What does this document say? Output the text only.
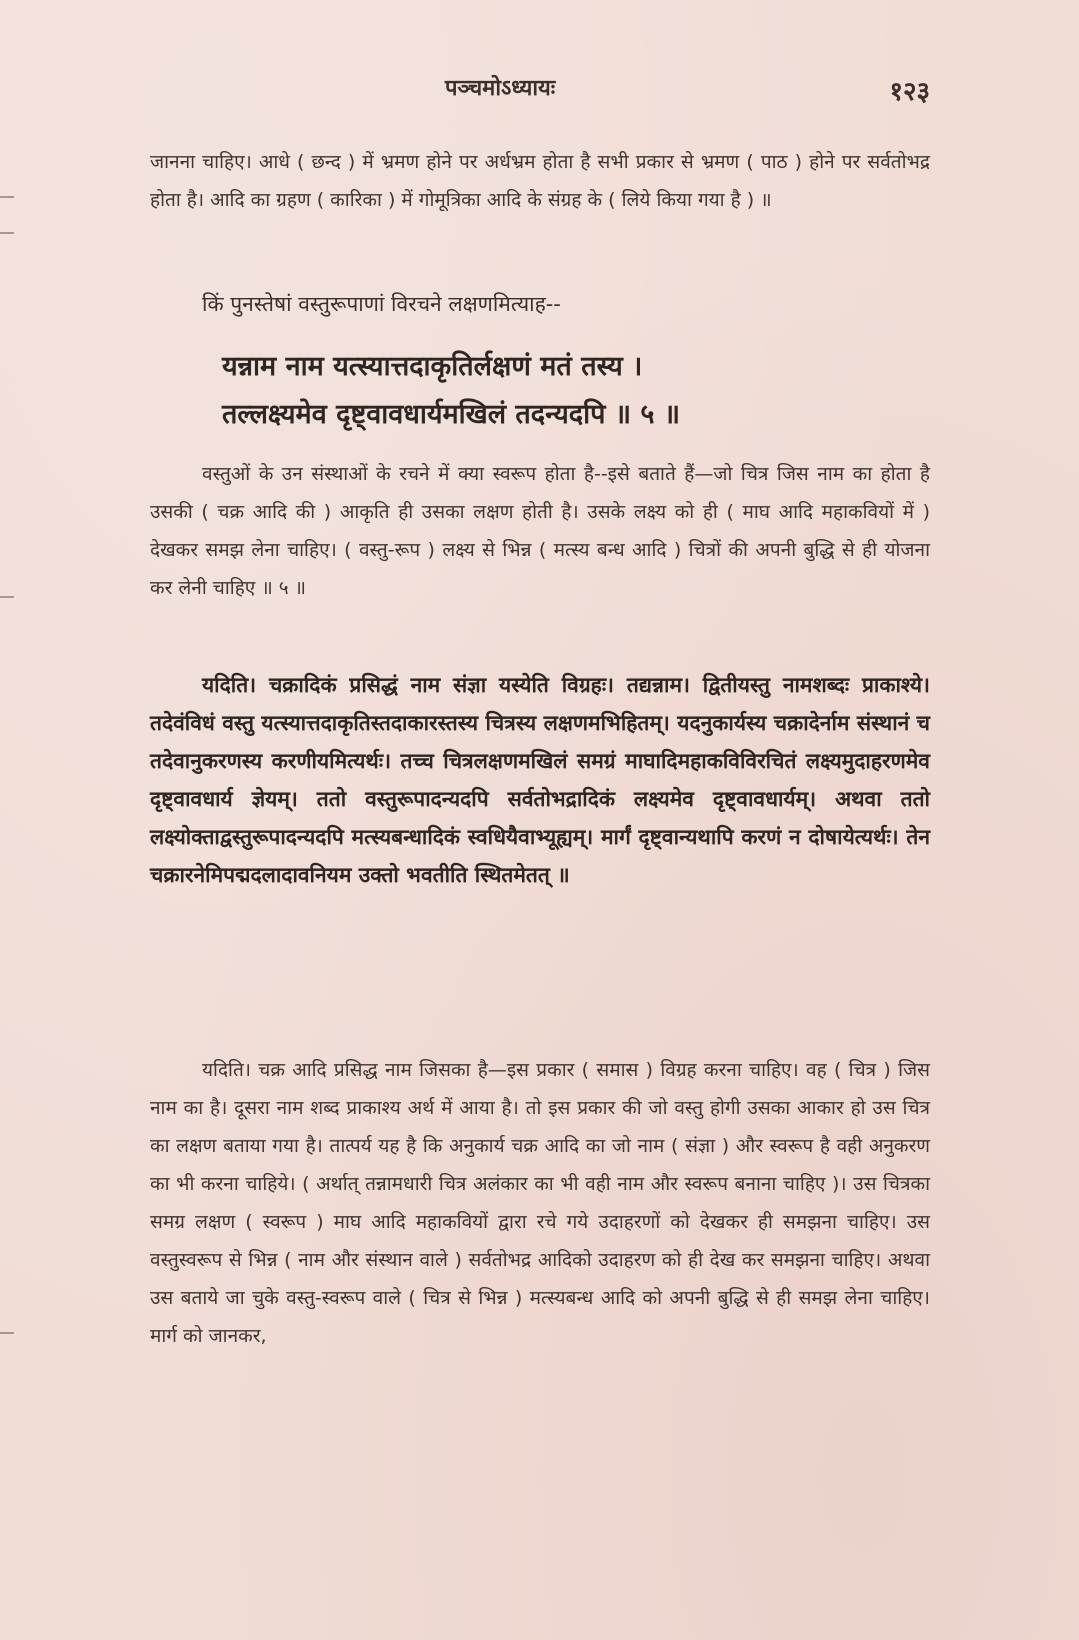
पञ्चमोऽध्यायः	१२३

जानना चाहिए। आधे ( छन्द ) में भ्रमण होने पर अर्धभ्रम होता है सभी प्रकार से भ्रमण ( पाठ ) होने पर सर्वतोभद्र होता है। आदि का ग्रहण ( कारिका ) में गोमूत्रिका आदि के संग्रह के ( लिये किया गया है ) ॥

किं पुनस्तेषां वस्तुरूपाणां विरचने लक्षणमित्याह--

यन्नाम नाम यत्स्यात्तदाकृतिर्लक्षणं मतं तस्य ।
तल्लक्ष्यमेव दृष्ट्वावधार्यमखिलं तदन्यदपि ॥ ५ ॥

वस्तुओं के उन संस्थाओं के रचने में क्या स्वरूप होता है--इसे बताते हैं—जो चित्र जिस नाम का होता है उसकी ( चक्र आदि की ) आकृति ही उसका लक्षण होती है। उसके लक्ष्य को ही ( माघ आदि महाकवियों में ) देखकर समझ लेना चाहिए। ( वस्तु-रूप ) लक्ष्य से भिन्न ( मत्स्य बन्ध आदि ) चित्रों की अपनी बुद्धि से ही योजना कर लेनी चाहिए ॥ ५ ॥

यदिति। चक्रादिकं प्रसिद्धं नाम संज्ञा यस्येति विग्रहः। तद्यन्नाम। द्वितीयस्तु नामशब्दः प्राकाश्ये। तदेवंविधं वस्तु यत्स्यात्तदाकृतिस्तदाकारस्तस्य चित्रस्य लक्षणमभिहितम्। यदनुकार्यस्य चक्रादेर्नाम संस्थानं च तदेवानुकरणस्य करणीयमित्यर्थः। तच्च चित्रलक्षणमखिलं समग्रं माघादिमहाकविविरचितं लक्ष्यमुदाहरणमेव दृष्ट्वावधार्य ज्ञेयम्। ततो वस्तुरूपादन्यदपि सर्वतोभद्रादिकं लक्ष्यमेव दृष्ट्वावधार्यम्। अथवा ततो लक्ष्योक्ताद्वस्तुरूपादन्यदपि मत्स्यबन्धादिकं स्वधियैवाभ्यूह्यम्। मार्गं दृष्ट्वान्यथापि करणं न दोषायेत्यर्थः। तेन चक्रारनेमिपद्मदलादावनियम उक्तो भवतीति स्थितमेतत् ॥

यदिति। चक्र आदि प्रसिद्ध नाम जिसका है—इस प्रकार ( समास ) विग्रह करना चाहिए। वह ( चित्र ) जिस नाम का है। दूसरा नाम शब्द प्राकाश्य अर्थ में आया है। तो इस प्रकार की जो वस्तु होगी उसका आकार हो उस चित्र का लक्षण बताया गया है। तात्पर्य यह है कि अनुकार्य चक्र आदि का जो नाम ( संज्ञा ) और स्वरूप है वही अनुकरण का भी करना चाहिये। ( अर्थात् तन्नामधारी चित्र अलंकार का भी वही नाम और स्वरूप बनाना चाहिए )। उस चित्रका समग्र लक्षण ( स्वरूप ) माघ आदि महाकवियों द्वारा रचे गये उदाहरणों को देखकर ही समझना चाहिए। उस वस्तुस्वरूप से भिन्न ( नाम और संस्थान वाले ) सर्वतोभद्र आदिको उदाहरण को ही देख कर समझना चाहिए। अथवा उस बताये जा चुके वस्तु-स्वरूप वाले ( चित्र से भिन्न ) मत्स्यबन्ध आदि को अपनी बुद्धि से ही समझ लेना चाहिए। मार्ग को जानकर,
